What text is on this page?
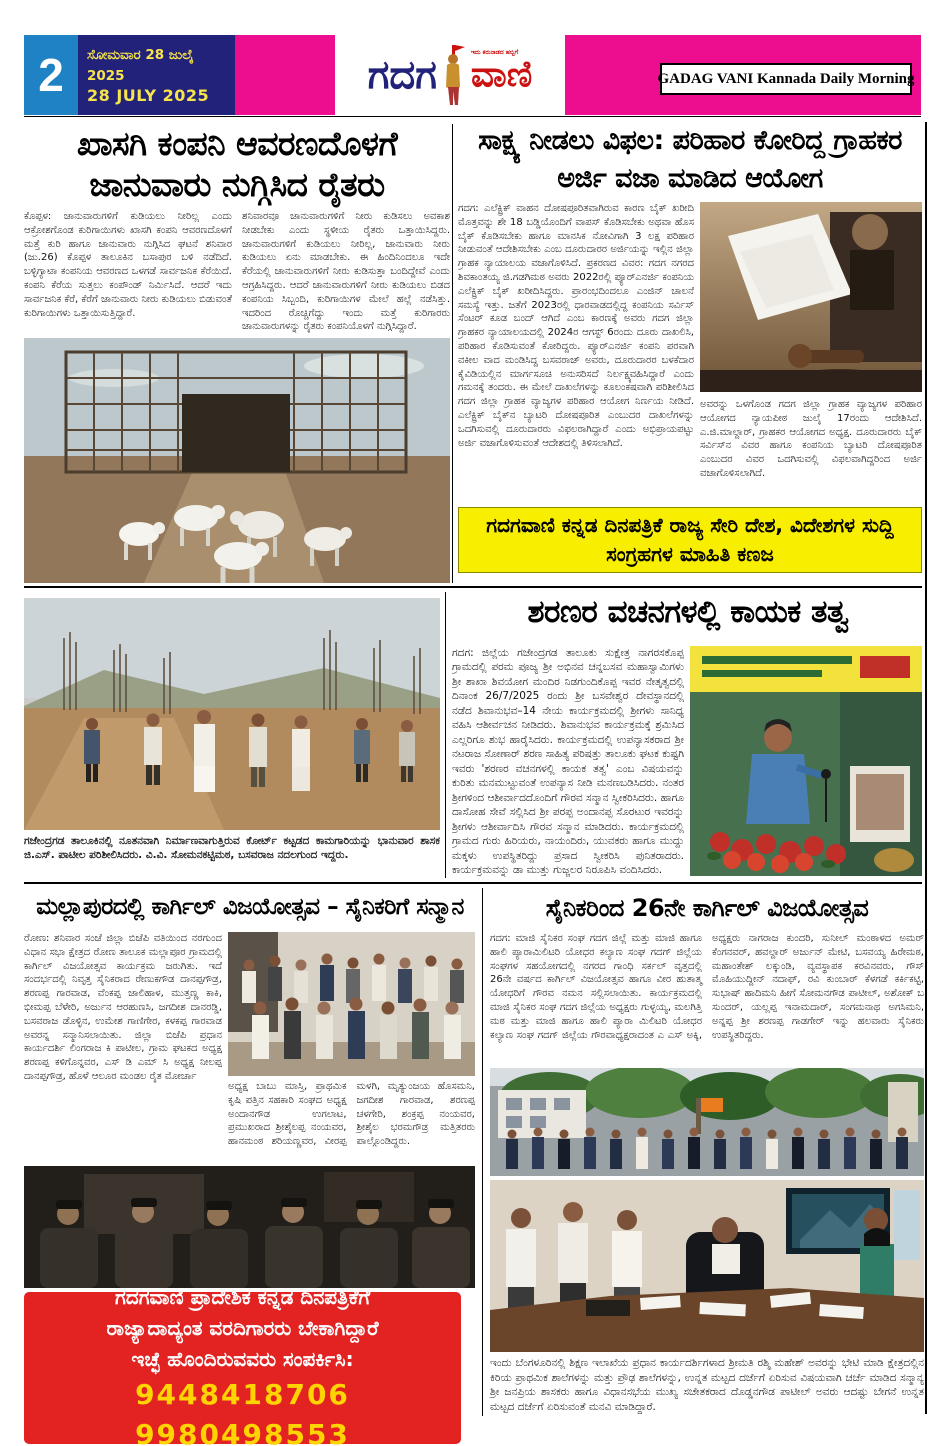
2	ಸೋಮವಾರ 28 ಜುಲೈ 2025
28 JULY 2025	ಗದಗ	ಇದು ಕರುನಾಡದ ಹಬ್ಬಿಗೆ
ವಾಣಿ	GADAG VANI Kannada Daily Morning
ಖಾಸಗಿ ಕಂಪನಿ ಆವರಣದೊಳಗೆ ಜಾನುವಾರು ನುಗ್ಗಿಸಿದ ರೈತರು
ಕೊಪ್ಪಳ: ಜಾನುವಾರುಗಳಿಗೆ ಕುಡಿಯಲು ನೀರಿಲ್ಲ ಎಂದು ಆಕ್ರೋಶಗೊಂಡ ಕುರಿಗಾಯಿಗಳು ಖಾಸಗಿ ಕಂಪನಿ ಆವರಣದೊಳಗೆ ಮತ್ತೆ ಕುರಿ ಹಾಗೂ ಜಾನುವಾರು ನುಗ್ಗಿಸಿದ ಘಟನೆ ಶನಿವಾರ (ಜು.26) ಕೊಪ್ಪಳ ತಾಲೂಕಿನ ಬಸಾಪುರ ಬಳಿ ನಡೆದಿದೆ. ಬಳ್ಳಿಗ್ಯಾಟಾ ಕಂಪನಿಯ ಆವರಣದ ಒಳಗಡೆ ಸಾರ್ವಜನಿಕ ಕೆರೆಯಿದೆ. ಕಂಪನಿ ಕೆರೆಯ ಸುತ್ತಲು ಕಂಪೌಂಡ್ ನಿರ್ಮಿಸಿದೆ. ಆದರೆ ಇದು ಸಾರ್ವಜನಿಕ ಕೆರೆ, ಕೆರೆಗೆ ಜಾನುವಾರು ನೀರು ಕುಡಿಯಲು ಬಿಡುವಂತೆ ಕುರಿಗಾಯಿಗಳು ಒತ್ತಾಯಿಸುತ್ತಿದ್ದಾರೆ.
ಶನಿವಾರವೂ ಜಾನುವಾರುಗಳಿಗೆ ನೀರು ಕುಡಿಸಲು ಅವಕಾಶ ನೀಡಬೇಕು ಎಂದು ಸ್ಥಳೀಯ ರೈತರು ಒತ್ತಾಯಿಸಿದ್ದರು. ಜಾನುವಾರುಗಳಿಗೆ ಕುಡಿಯಲು ನೀರಿಲ್ಲ, ಜಾನುವಾರು ನೀರು ಕುಡಿಯಲು ಏನು ಮಾಡಬೇಕು. ಈ ಹಿಂದಿನಿಂದಲೂ ಇದೇ ಕೆರೆಯಲ್ಲಿ ಜಾನುವಾರುಗಳಿಗೆ ನೀರು ಕುಡಿಸುತ್ತಾ ಬಂದಿದ್ದೇವೆ ಎಂದು ಆಗ್ರಹಿಸಿದ್ದರು. ಆದರೆ ಜಾನುವಾರುಗಳಿಗೆ ನೀರು ಕುಡಿಯಲು ಬಿಡದ ಕಂಪನಿಯ ಸಿಬ್ಬಂದಿ, ಕುರಿಗಾಯಿಗಳ ಮೇಲೆ ಹಲ್ಲೆ ನಡೆಸಿತ್ತು. ಇದರಿಂದ ರೊಚ್ಚಿಗೆದ್ದು ಇಂದು ಮತ್ತೆ ಕುರಿಗಾರರು ಜಾನುವಾರುಗಳನ್ನು ರೈತರು ಕಂಪನಿಯೊಳಗೆ ನುಗ್ಗಿಸಿದ್ದಾರೆ.
ಸಾಕ್ಷ್ಯ ನೀಡಲು ವಿಫಲ: ಪರಿಹಾರ ಕೋರಿದ್ದ ಗ್ರಾಹಕರ ಅರ್ಜಿ ವಜಾ ಮಾಡಿದ ಆಯೋಗ
ಗದಗ: ಎಲೆಕ್ಟ್ರಿಕ್ ವಾಹನ ದೋಷಪೂರಿತವಾಗಿರುವ ಕಾರಣ ಬೈಕ್ ಖರೀದಿ ಮೊತ್ತವನ್ನು ಶೇ 18 ಬಡ್ಡಿಯೊಂದಿಗೆ ವಾಪಸ್ ಕೊಡಿಸಬೇಕು ಅಥವಾ ಹೊಸ ಬೈಕ್ ಕೊಡಿಸಬೇಕು ಹಾಗೂ ಮಾನಸಿಕ ನೋವಿಗಾಗಿ 3 ಲಕ್ಷ ಪರಿಹಾರ ನೀಡುವಂತೆ ಆದೇಶಿಸಬೇಕು ಎಂಬ ದೂರುದಾರರ ಅರ್ಜಿಯನ್ನು ಇಲ್ಲಿನ ಜಿಲ್ಲಾ ಗ್ರಾಹಕ ನ್ಯಾಯಾಲಯ ವಜಾಗೊಳಿಸಿದೆ. ಪ್ರಕರಣದ ವಿವರ: ಗದಗ ನಗರದ ಶಿವಕಾಂತಯ್ಯ ಜಿ.ಗಡಗಿಮಠ ಅವರು 2022ರಲ್ಲಿ ಪ್ಯೂರ್‌ಎನರ್ಜಿ ಕಂಪನಿಯ ಎಲೆಕ್ಟ್ರಿಕ್ ಬೈಕ್ ಖರೀದಿಸಿದ್ದರು. ಪ್ರಾರಂಭದಿಂದಲೂ ಎಂಜಿನ್ ಚಾಲನೆ ಸಮಸ್ಯೆ ಇತ್ತು. ಜತೆಗೆ 2023ರಲ್ಲಿ ಧಾರವಾಡದಲ್ಲಿದ್ದ ಕಂಪನಿಯ ಸರ್ವಿಸ್ ಸೆಂಟರ್ ಕೂಡ ಬಂದ್ ಆಗಿದೆ ಎಂಬ ಕಾರಣಕ್ಕೆ ಅವರು ಗದಗ ಜಿಲ್ಲಾ ಗ್ರಾಹಕರ ನ್ಯಾಯಾಲಯದಲ್ಲಿ 2024ರ ಆಗಸ್ಟ್ 6ರಂದು ದೂರು ದಾಖಲಿಸಿ, ಪರಿಹಾರ ಕೊಡಿಸುವಂತೆ ಕೋರಿದ್ದರು. ಪ್ಯೂರ್‌ಎನರ್ಜಿ ಕಂಪನಿ ಪರವಾಗಿ ವಕೀಲ ವಾದ ಮಂಡಿಸಿದ್ದ ಬಸವರಾಜ್ ಅವರು, ದೂರುದಾರರ ಬಳಕೆದಾರ ಕೈವಿಡಿಯಲ್ಲಿನ ಮಾರ್ಗಸೂಚಿ ಅನುಸರಿಸದೆ ನಿರ್ಲಕ್ಷ್ಯವಹಿಸಿದ್ದಾರೆ ಎಂದು ಗಮನಕ್ಕೆ ತಂದರು. ಈ ಮೇಲೆ ದಾಖಲೆಗಳನ್ನು ಕೂಲಂಕಷವಾಗಿ ಪರಿಶೀಲಿಸಿದ ಗದಗ ಜಿಲ್ಲಾ ಗ್ರಾಹಕ ವ್ಯಾಜ್ಯಗಳ ಪರಿಹಾರ ಆಯೋಗ ನಿರ್ಣಯ ನೀಡಿದೆ. ಎಲೆಕ್ಟ್ರಿಕ್ ಬೈಕ್‌ನ ಬ್ಯಾಟರಿ ದೋಷಪೂರಿತ ಎಂಬುದರ ದಾಖಲೆಗಳನ್ನು ಒದಗಿಸುವಲ್ಲಿ ದೂರುದಾರರು ವಿಫಲರಾಗಿದ್ದಾರೆ ಎಂದು ಅಭಿಪ್ರಾಯಪಟ್ಟು ಅರ್ಜಿ ವಜಾಗೊಳಿಸುವಂತೆ ಆದೇಶದಲ್ಲಿ ತಿಳಿಸಲಾಗಿದೆ.
ಅವರನ್ನು ಒಳಗೊಂಡ ಗದಗ ಜಿಲ್ಲಾ ಗ್ರಾಹಕ ವ್ಯಾಜ್ಯಗಳ ಪರಿಹಾರ ಆಯೋಗದ ನ್ಯಾಯಪೀಠ ಜುಲೈ 17ರಂದು ಆದೇಶಿಸಿದೆ. ಎ.ಜಿ.ಮಾಲ್ದಾರ್, ಗ್ರಾಹಕರ ಆಯೋಗದ ಅಧ್ಯಕ್ಷ. ದೂರುದಾರರು ಬೈಕ್ ಸರ್ವಿಸ್‌ನ ವಿವರ ಹಾಗೂ ಕಂಪನಿಯ ಬ್ಯಾಟರಿ ದೋಷಪೂರಿತ ಎಂಬುದರ ವಿವರ ಒದಗಿಸುವಲ್ಲಿ ವಿಫಲವಾಗಿದ್ದರಿಂದ ಅರ್ಜಿ ವಜಾಗೊಳಿಸಲಾಗಿದೆ.
ಗದಗವಾಣಿ ಕನ್ನಡ ದಿನಪತ್ರಿಕೆ ರಾಜ್ಯ ಸೇರಿ ದೇಶ, ವಿದೇಶಗಳ ಸುದ್ದಿ ಸಂಗ್ರಹಗಳ ಮಾಹಿತಿ ಕಣಜ
ಗಜೇಂದ್ರಗಡ ತಾಲೂಕಿನಲ್ಲಿ ನೂತನವಾಗಿ ನಿರ್ಮಾಣವಾಗುತ್ತಿರುವ ಕೋರ್ಟ್ ಕಟ್ಟಡದ ಕಾಮಗಾರಿಯನ್ನು ಭಾನುವಾರ ಶಾಸಕ ಜಿ.ಎಸ್. ಪಾಟೀಲ ಪರಿಶೀಲಿಸಿದರು. ವಿ.ವಿ. ಸೋಮನಕಟ್ಟಿಮಠ, ಬಸವರಾಜ ನದಲಗುಂದ ಇದ್ದರು.
ಶರಣರ ವಚನಗಳಲ್ಲಿ ಕಾಯಕ ತತ್ವ
ಗದಗ: ಜಿಲ್ಲೆಯ ಗಜೇಂದ್ರಗಡ ತಾಲೂಕು ಸುಕ್ಷೇತ್ರ ನಾಗರಸಕೊಪ್ಪ ಗ್ರಾಮದಲ್ಲಿ ಪರಮ ಪೂಜ್ಯ ಶ್ರೀ ಅಭಿನವ ಚನ್ನಬಸವ ಮಹಾಸ್ವಾಮಿಗಳು ಶ್ರೀ ಶಾಖಾ ಶಿವಯೋಗ ಮಂದಿರ ನಿಡಗುಂದಿಕೊಪ್ಪ ಇವರ ನೇತೃತ್ವದಲ್ಲಿ ದಿನಾಂಕ 26/7/2025 ರಂದು ಶ್ರೀ ಬಸವೇಶ್ವರ ದೇವಸ್ಥಾನದಲ್ಲಿ ನಡೆದ ಶಿವಾನುಭವ–14 ನೇಯ ಕಾರ್ಯಕ್ರಮದಲ್ಲಿ ಶ್ರೀಗಳು ಸಾನಿಧ್ಯ ವಹಿಸಿ ಆಶೀರ್ವಚನ ನೀಡಿದರು. ಶಿವಾನುಭವ ಕಾರ್ಯಕ್ರಮಕ್ಕೆ ಶ್ರಮಿಸಿದ ಎಲ್ಲರಿಗೂ ಶುಭ ಹಾರೈಸಿದರು. ಕಾರ್ಯಕ್ರಮದಲ್ಲಿ ಉಪನ್ಯಾಸಕರಾದ ಶ್ರೀ ನಟರಾಜ ಸೋಣಾರ್ ಶರಣ ಸಾಹಿತ್ಯ ಪರಿಷತ್ತು ತಾಲೂಕು ಘಟಕ ಕುಷ್ಟಗಿ ಇವರು 'ಶರಣರ ವಚನಗಳಲ್ಲಿ ಕಾಯಕ ತತ್ವ' ಎಂಬ ವಿಷಯವನ್ನು ಕುರಿತು ಮನಮುಟ್ಟುವಂತೆ ಉಪನ್ಯಾಸ ನೀಡಿ ಮನಣಬಡಿಸಿದರು. ನಂತರ ಶ್ರೀಗಳಿಂದ ಆಶೀರ್ವಾದದೊಂದಿಗೆ ಗೌರವ ಸನ್ಮಾನ ಸ್ವೀಕರಿಸಿದರು. ಹಾಗೂ ದಾಸೋಹ ಸೇವೆ ಸಲ್ಲಿಸಿದ ಶ್ರೀ ಪರಪ್ಪ ಅಂದಾನಪ್ಪ ಸೊರಟುರ ಇವರನ್ನು ಶ್ರೀಗಳು ಆಶೀರ್ವಾದಿಸಿ ಗೌರವ ಸನ್ಮಾನ ಮಾಡಿದರು. ಕಾರ್ಯಕ್ರಮದಲ್ಲಿ ಗ್ರಾಮದ ಗುರು ಹಿರಿಯರು, ನಾಯಂದಿರು, ಯುವಕರು ಹಾಗೂ ಮುದ್ದು ಮಕ್ಕಳು ಉಪಸ್ಥಿತರಿದ್ದು ಪ್ರಸಾದ ಸ್ವೀಕರಿಸಿ ಪುನಿತರಾದರು. ಕಾರ್ಯಕ್ರಮವನ್ನು ಡಾ ಮುತ್ತು ಗುಜ್ಜಲರ ನಿರೂಪಿಸಿ ವಂದಿಸಿದರು.
ಮಲ್ಲಾಪುರದಲ್ಲಿ ಕಾರ್ಗಿಲ್ ವಿಜಯೋತ್ಸವ – ಸೈನಿಕರಿಗೆ ಸನ್ಮಾನ
ರೋಣ: ಶನಿವಾರ ಸಂಜೆ ಜಿಲ್ಲಾ ಬಿಜೆಪಿ ವತಿಯಿಂದ ನರಗುಂದ ವಿಧಾನ ಸಭಾ ಕ್ಷೇತ್ರದ ರೋಣ ತಾಲೂಕ ಮಲ್ಲಾಪೂರ ಗ್ರಾಮದಲ್ಲಿ ಕಾರ್ಗಿಲ್ ವಿಜಯೋತ್ಸವ ಕಾರ್ಯಕ್ರಮ ಜರುಗಿತು. ಇದೆ ಸಂದರ್ಭದಲ್ಲಿ ನಿವೃತ್ತ ಸೈನಿಕರಾದ ರೇಣುಕಗೌಡ ದಾನಪ್ಪಗೌಡ್ರ, ಶರಣಪ್ಪ ಗಾರವಾಡ, ವೆಂಕಪ್ಪ ಜಾಲಿಹಾಳ, ಮುತ್ತಣ್ಣ ಕಾಕಿ, ಭೀಮಪ್ಪ ಬೆಳೇರಿ, ಅರ್ಜುನ ಆರಹುಣಸಿ, ಜಗದೀಶ ದಾನರಡ್ಡಿ, ಬಸವರಾಜ ಡೊಳ್ಳಿನ, ಉಮೇಶ ಗಾಣಿಗೇರ, ಕಳಕಪ್ಪ ಗಾರವಾಡ ಅವರನ್ನ ಸನ್ಮಾನಿಸಲಾಯಿತು. ಜಿಲ್ಲಾ ಬಿಜೆಪಿ ಪ್ರಧಾನ ಕಾರ್ಯದರ್ಶಿ ಲಿಂಗರಾಜ ಕಿ ಪಾಟೀಲ, ಗ್ರಾಮ ಘಟಕದ ಅಧ್ಯಕ್ಷ ಶರಣಪ್ಪ ಕಳಿಗೊನ್ನವರ, ಎಸ್ ಡಿ ಎಮ್ ಸಿ ಅಧ್ಯಕ್ಷ ನೀಲಪ್ಪ ದಾನಪ್ಪಗೌಡ್ರ, ಹೊಳೆ ಆಲೂರ ಮಂಡಲ ರೈತ ಮೋರ್ಚಾ
ಅಧ್ಯಕ್ಷ ಬಾಬು ಮಾಸ್ತಿ, ಪ್ರಾಥಮಿಕ ಕೃಷಿ ಪತ್ತಿನ ಸಹಕಾರಿ ಸಂಘದ ಅಧ್ಯಕ್ಷ ಅಂದಾನಗೌಡ ಉಗಲಾಟ, ಪ್ರಮುಖರಾದ ಶ್ರೀಶೈಲಪ್ಪ ನಂಯವರ, ಹಾನಮಂಠ ಶರಿಯಣ್ಣವರ, ವೀರಪ್ಪ ಮಳಗಿ, ಮೃತ್ಯುಂಜಯ ಹೊಸಮನಿ, ಜಗದೀಶ ಗಾರವಾಡ, ಶರಣಪ್ಪ ಚಳಗೇರಿ, ಶಂಕ್ರಪ್ಪ ನಂಯವರ, ಶ್ರೀಶೈಲ ಭರಮಗೌಡ್ರ ಮತ್ತಿತರರು ಪಾಲ್ಗೊಂಡಿದ್ದರು.
ಗದಗವಾಣಿ ಪ್ರಾದೇಶಿಕ ಕನ್ನಡ ದಿನಪತ್ರಿಕೆಗೆ
ರಾಜ್ಯಾದಾದ್ಯಂತ ವರದಿಗಾರರು ಬೇಕಾಗಿದ್ದಾರೆ
ಇಚ್ಛೆ ಹೊಂದಿರುವವರು ಸಂಪರ್ಕಿಸಿ:
9448418706 9980498553
ಸೈನಿಕರಿಂದ 26ನೇ ಕಾರ್ಗಿಲ್ ವಿಜಯೋತ್ಸವ
ಗದಗ: ಮಾಜಿ ಸೈನಿಕರ ಸಂಘ ಗದಗ ಜಿಲ್ಲೆ ಮತ್ತು ಮಾಜಿ ಹಾಗೂ ಹಾಲಿ ಪ್ಯಾರಾಮಿಲಿಟರಿ ಯೋಧರ ಕಲ್ಯಾಣ ಸಂಘ ಗದಗ್ ಜಿಲ್ಲೆಯ ಸಂಘಗಳ ಸಹಯೋಗದಲ್ಲಿ ನಗರದ ಗಾಂಧಿ ಸರ್ಕಲ್ ವೃತ್ತದಲ್ಲಿ 26ನೇ ವರ್ಷದ ಕಾರ್ಗಿಲ್ ವಿಜಯೋತ್ಸವ ಹಾಗೂ ವೀರ ಹುತಾತ್ಮ ಯೋಧರಿಗೆ ಗೌರವ ನಮನ ಸಲ್ಲಿಸಲಾಯಿತು. ಕಾರ್ಯಕ್ರಮದಲ್ಲಿ ಮಾಜಿ ಸೈನಿಕರ ಸಂಘ ಗದಗ ಜಿಲ್ಲೆಯ ಅಧ್ಯಕ್ಷರು ಗುಳ್ಳಯ್ಯ, ಮಲಗಿತ್ತಿ ಮಠ ಮತ್ತು ಮಾಜಿ ಹಾಗೂ ಹಾಲಿ ಪ್ಯಾರಾ ಮಿಲಿಟರಿ ಯೋಧರ ಕಲ್ಯಾಣ ಸಂಘ ಗದಗ್ ಜಿಲ್ಲೆಯ ಗೌರವಾಧ್ಯಕ್ಷರಾದಂತ ಎ ಎಸ್ ಅಕ್ಕಿ, ಅಧ್ಯಕ್ಷರು ನಾಗರಾಜ ಕುಂದರಿ, ಸುನೀಲ್ ಮಂಠಾಳದ ಅಮರ್ ಕೆಂಗನವರ್, ಹವಲ್ದಾರ್ ಅರ್ಜುನ್ ಮೇಟಿ, ಬಸವಯ್ಯ ಹಿರೇಮಠ, ಮಹಾಂತೇಶ್ ಲಕ್ಕುಂಡಿ, ವ್ಯವಸ್ಥಾಪಕ ಕರವಿನವರು, ಗೌಸ್ ಮೊಹಿಯುದ್ದೀನ್ ನದಾಫ್, ರವಿ ಕುಂಬಾರ್ ಕೆಳಗಡೆ ಕರ್ಕಿಕಟ್ಟಿ, ಸುಭಾಷ್ ಹಾದಿಮನಿ ಹೀಗೆ ಸೋಮನಗೌಡ ಪಾಟೀಲ್, ಅಶೋಕ್ ಬ ಸುಂದರ್, ಯಲ್ಲಪ್ಪ ಇನಾಮದಾರ್, ಸಂಗಮನಾಥ ಅಗಸಿಮನಿ, ಅನ್ನಪ್ಪ ಶ್ರೀ ಶರಣಪ್ಪ ಗಾಡಗೇರ್ ಇನ್ನು ಹಲವಾರು ಸೈನಿಕರು ಉಪಸ್ಥಿತರಿದ್ದರು.
ಇಂದು ಬೆಂಗಳೂರಿನಲ್ಲಿ ಶಿಕ್ಷಣ ಇಲಾಖೆಯ ಪ್ರಧಾನ ಕಾರ್ಯದರ್ಶಿಗಳಾದ ಶ್ರೀಮತಿ ರಶ್ಮಿ ಮಹೇಶ್ ಅವರನ್ನು ಭೇಟಿ ಮಾಡಿ ಕ್ಷೇತ್ರದಲ್ಲಿನ ಕಿರಿಯ ಪ್ರಾಥಮಿಕ ಶಾಲೆಗಳನ್ನು ಮತ್ತು ಪ್ರೌಢ ಶಾಲೆಗಳನ್ನು, ಉನ್ನತ ಮಟ್ಟದ ದರ್ಜೆಗೆ ಏರಿಸುವ ವಿಷಯವಾಗಿ ಚರ್ಚೆ ಮಾಡಿದ ಸನ್ಮಾನ್ಯ ಶ್ರೀ ಜನಪ್ರಿಯ ಶಾಸಕರು ಹಾಗೂ ವಿಧಾನಸಭೆಯ ಮುಖ್ಯ ಸಚೇತಕರಾದ ದೊಡ್ಡನಗೌಡ ಪಾಟೀಲ್ ಅವರು ಆದಷ್ಟು ಬೇಗನೆ ಉನ್ನತ ಮಟ್ಟದ ದರ್ಜೆಗೆ ಏರಿಸುವಂತೆ ಮನವಿ ಮಾಡಿದ್ದಾರೆ.
